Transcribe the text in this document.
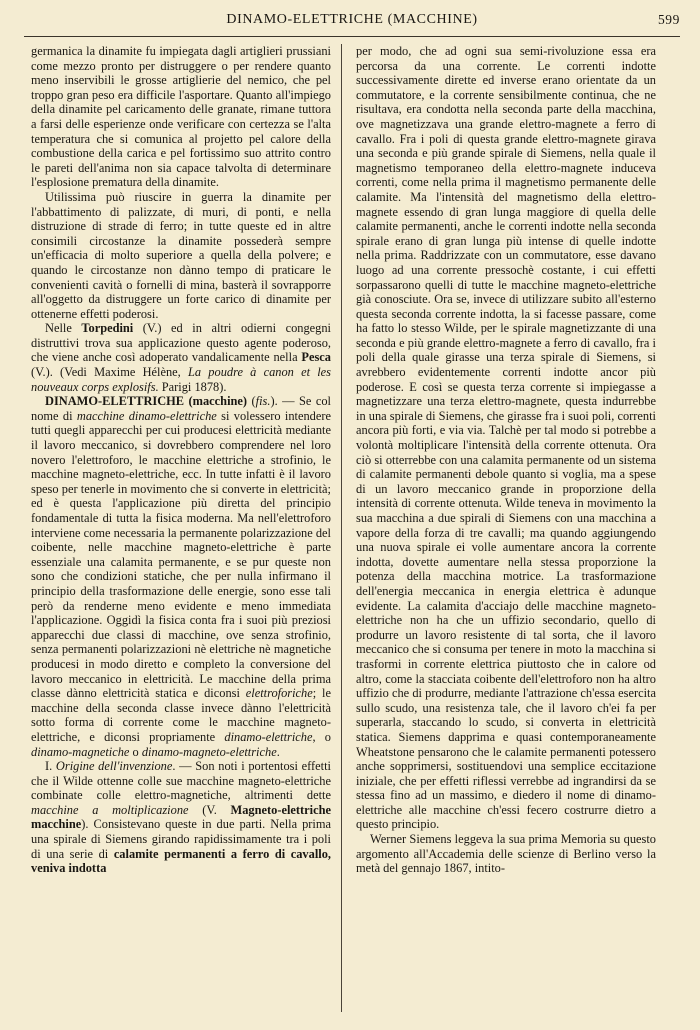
DINAMO-ELETTRICHE (MACCHINE)	599

germanica la dinamite fu impiegata dagli artiglieri prussiani come mezzo pronto per distruggere o per rendere quanto meno inservibili le grosse artiglierie del nemico, che pel troppo gran peso era difficile l'asportare. Quanto all'impiego della dinamite pel caricamento delle granate, rimane tuttora a farsi delle esperienze onde verificare con certezza se l'alta temperatura che si comunica al projetto pel calore della combustione della carica e pel fortissimo suo attrito contro le pareti dell'anima non sia capace talvolta di determinare l'esplosione prematura della dinamite.

Utilissima può riuscire in guerra la dinamite per l'abbattimento di palizzate, di muri, di ponti, e nella distruzione di strade di ferro; in tutte queste ed in altre consimili circostanze la dinamite possederà sempre un'efficacia di molto superiore a quella della polvere; e quando le circostanze non dànno tempo di praticare le convenienti cavità o fornelli di mina, basterà il sovrapporre all'oggetto da distruggere un forte carico di dinamite per ottenerne effetti poderosi.

Nelle Torpedini (V.) ed in altri odierni congegni distruttivi trova sua applicazione questo agente poderoso, che viene anche così adoperato vandalicamente nella Pesca (V.). (Vedi Maxime Hélène, La poudre à canon et les nouveaux corps explosifs. Parigi 1878).

DINAMO-ELETTRICHE (macchine) (fis.). — Se col nome di macchine dinamo-elettriche si volessero intendere tutti quegli apparecchi per cui producesi elettricità mediante il lavoro meccanico, si dovrebbero comprendere nel loro novero l'elettroforo, le macchine elettriche a strofinio, le macchine magneto-elettriche, ecc. In tutte infatti è il lavoro speso per tenerle in movimento che si converte in elettricità; ed è questa l'applicazione più diretta del principio fondamentale di tutta la fisica moderna. Ma nell'elettroforo interviene come necessaria la permanente polarizzazione del coibente, nelle macchine magneto-elettriche è parte essenziale una calamita permanente, e se pur queste non sono che condizioni statiche, che per nulla infirmano il principio della trasformazione delle energie, sono esse tali però da renderne meno evidente e meno immediata l'applicazione. Oggidì la fisica conta fra i suoi più preziosi apparecchi due classi di macchine, ove senza strofinio, senza permanenti polarizzazioni nè elettriche nè magnetiche producesi in modo diretto e completo la conversione del lavoro meccanico in elettricità. Le macchine della prima classe dànno elettricità statica e diconsi elettroforiche; le macchine della seconda classe invece dànno l'elettricità sotto forma di corrente come le macchine magneto-elettriche, e diconsi propriamente dinamo-elettriche, o dinamo-magnetiche o dinamo-magneto-elettriche.

I. Origine dell'invenzione. — Son noti i portentosi effetti che il Wilde ottenne colle sue macchine magneto-elettriche combinate colle elettro-magnetiche, altrimenti dette macchine a moltiplicazione (V. Magneto-elettriche macchine). Consistevano queste in due parti. Nella prima una spirale di Siemens girando rapidissimamente tra i poli di una serie di calamite permanenti a ferro di cavallo, veniva indotta

per modo, che ad ogni sua semi-rivoluzione essa era percorsa da una corrente. Le correnti indotte successivamente dirette ed inverse erano orientate da un commutatore, e la corrente sensibilmente continua, che ne risultava, era condotta nella seconda parte della macchina, ove magnetizzava una grande elettro-magnete a ferro di cavallo. Fra i poli di questa grande elettro-magnete girava una seconda e più grande spirale di Siemens, nella quale il magnetismo temporaneo della elettro-magnete induceva correnti, come nella prima il magnetismo permanente delle calamite. Ma l'intensità del magnetismo della elettro-magnete essendo di gran lunga maggiore di quella delle calamite permanenti, anche le correnti indotte nella seconda spirale erano di gran lunga più intense di quelle indotte nella prima. Raddrizzate con un commutatore, esse davano luogo ad una corrente pressochè costante, i cui effetti sorpassarono quelli di tutte le macchine magneto-elettriche già conosciute. Ora se, invece di utilizzare subito all'esterno questa seconda corrente indotta, la si facesse passare, come ha fatto lo stesso Wilde, per le spirale magnetizzante di una seconda e più grande elettro-magnete a ferro di cavallo, fra i poli della quale girasse una terza spirale di Siemens, si avrebbero evidentemente correnti indotte ancor più poderose. E così se questa terza corrente si impiegasse a magnetizzare una terza elettro-magnete, questa indurrebbe in una spirale di Siemens, che girasse fra i suoi poli, correnti ancora più forti, e via via. Talchè per tal modo si potrebbe a volontà moltiplicare l'intensità della corrente ottenuta. Ora ciò si otterrebbe con una calamita permanente od un sistema di calamite permanenti debole quanto si voglia, ma a spese di un lavoro meccanico grande in proporzione della intensità di corrente ottenuta. Wilde teneva in movimento la sua macchina a due spirali di Siemens con una macchina a vapore della forza di tre cavalli; ma quando aggiungendo una nuova spirale ei volle aumentare ancora la corrente indotta, dovette aumentare nella stessa proporzione la potenza della macchina motrice. La trasformazione dell'energia meccanica in energia elettrica è adunque evidente. La calamita d'acciajo delle macchine magneto-elettriche non ha che un uffizio secondario, quello di produrre un lavoro resistente di tal sorta, che il lavoro meccanico che si consuma per tenere in moto la macchina si trasformi in corrente elettrica piuttosto che in calore od altro, come la stacciata coibente dell'elettroforo non ha altro uffizio che di produrre, mediante l'attrazione ch'essa esercita sullo scudo, una resistenza tale, che il lavoro ch'ei fa per superarla, staccando lo scudo, si converta in elettricità statica. Siemens dapprima e quasi contemporaneamente Wheatstone pensarono che le calamite permanenti potessero anche sopprimersi, sostituendovi una semplice eccitazione iniziale, che per effetti riflessi verrebbe ad ingrandirsi da se stessa fino ad un massimo, e diedero il nome di dinamo-elettriche alle macchine ch'essi fecero costrurre dietro a questo principio.

Werner Siemens leggeva la sua prima Memoria su questo argomento all'Accademia delle scienze di Berlino verso la metà del gennajo 1867, intito-
